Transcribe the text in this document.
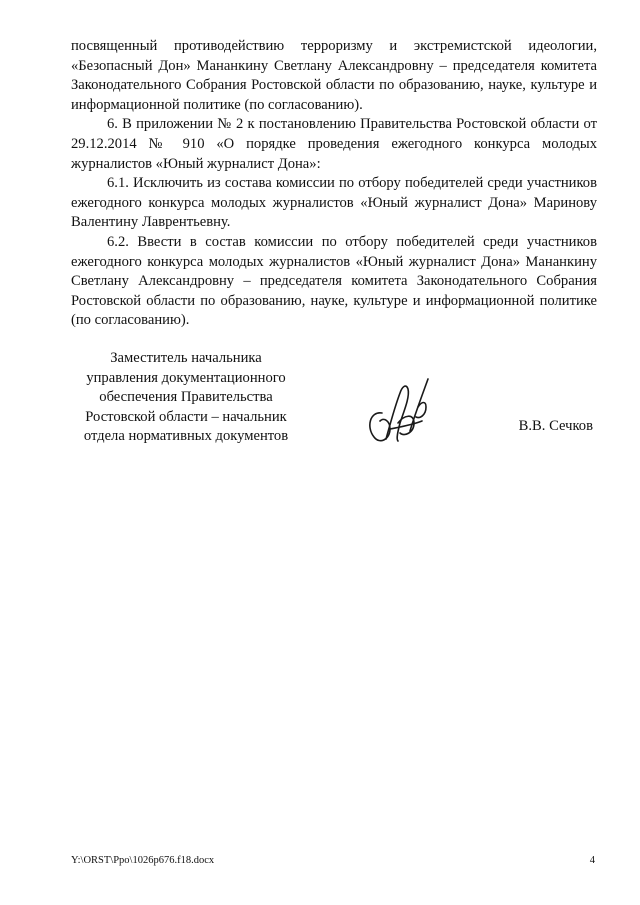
посвященный противодействию терроризму и экстремистской идеологии, «Безопасный Дон» Мананкину Светлану Александровну – председателя комитета Законодательного Собрания Ростовской области по образованию, науке, культуре и информационной политике (по согласованию).

6. В приложении № 2 к постановлению Правительства Ростовской области от 29.12.2014 № 910 «О порядке проведения ежегодного конкурса молодых журналистов «Юный журналист Дона»:

6.1. Исключить из состава комиссии по отбору победителей среди участников ежегодного конкурса молодых журналистов «Юный журналист Дона» Маринову Валентину Лаврентьевну.

6.2. Ввести в состав комиссии по отбору победителей среди участников ежегодного конкурса молодых журналистов «Юный журналист Дона» Мананкину Светлану Александровну – председателя комитета Законодательного Собрания Ростовской области по образованию, науке, культуре и информационной политике (по согласованию).

Заместитель начальника
управления документационного
обеспечения Правительства
Ростовской области – начальник
отдела нормативных документов
В.В. Сечков
Y:\ORST\Ppo\1026p676.f18.docx	4
